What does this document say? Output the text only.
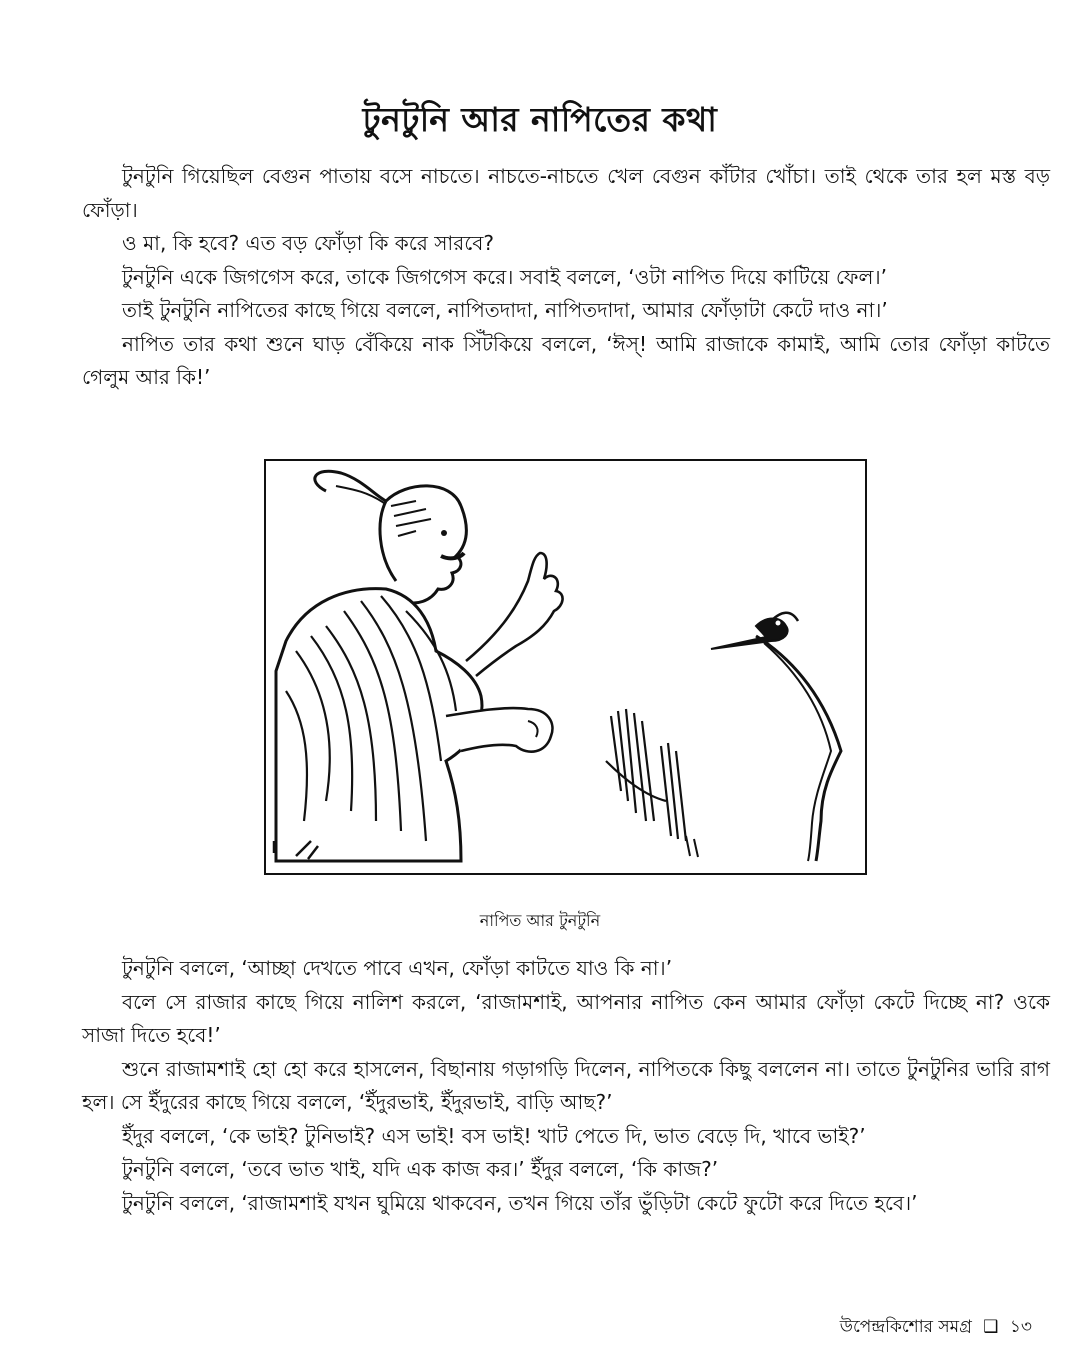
টুনটুনি আর নাপিতের কথা

টুনটুনি গিয়েছিল বেগুন পাতায় বসে নাচতে। নাচতে-নাচতে খেল বেগুন কাঁটার খোঁচা। তাই থেকে তার হল মস্ত বড় ফোঁড়া।

ও মা, কি হবে? এত বড় ফোঁড়া কি করে সারবে?

টুনটুনি একে জিগগেস করে, তাকে জিগগেস করে। সবাই বললে, ‘ওটা নাপিত দিয়ে কাটিয়ে ফেল।’

তাই টুনটুনি নাপিতের কাছে গিয়ে বললে, নাপিতদাদা, নাপিতদাদা, আমার ফোঁড়াটা কেটে দাও না।’

নাপিত তার কথা শুনে ঘাড় বেঁকিয়ে নাক সিঁটকিয়ে বললে, ‘ঈস্! আমি রাজাকে কামাই, আমি তোর ফোঁড়া কাটতে গেলুম আর কি!’

নাপিত আর টুনটুনি

টুনটুনি বললে, ‘আচ্ছা দেখতে পাবে এখন, ফোঁড়া কাটতে যাও কি না।’

বলে সে রাজার কাছে গিয়ে নালিশ করলে, ‘রাজামশাই, আপনার নাপিত কেন আমার ফোঁড়া কেটে দিচ্ছে না? ওকে সাজা দিতে হবে!’

শুনে রাজামশাই হো হো করে হাসলেন, বিছানায় গড়াগড়ি দিলেন, নাপিতকে কিছু বললেন না। তাতে টুনটুনির ভারি রাগ হল। সে ইঁদুরের কাছে গিয়ে বললে, ‘ইঁদুরভাই, ইঁদুরভাই, বাড়ি আছ?’

ইঁদুর বললে, ‘কে ভাই? টুনিভাই? এস ভাই! বস ভাই! খাট পেতে দি, ভাত বেড়ে দি, খাবে ভাই?’

টুনটুনি বললে, ‘তবে ভাত খাই, যদি এক কাজ কর।’ ইঁদুর বললে, ‘কি কাজ?’

টুনটুনি বললে, ‘রাজামশাই যখন ঘুমিয়ে থাকবেন, তখন গিয়ে তাঁর ভুঁড়িটা কেটে ফুটো করে দিতে হবে।’

উপেন্দ্রকিশোর সমগ্র ❑ ১৩
